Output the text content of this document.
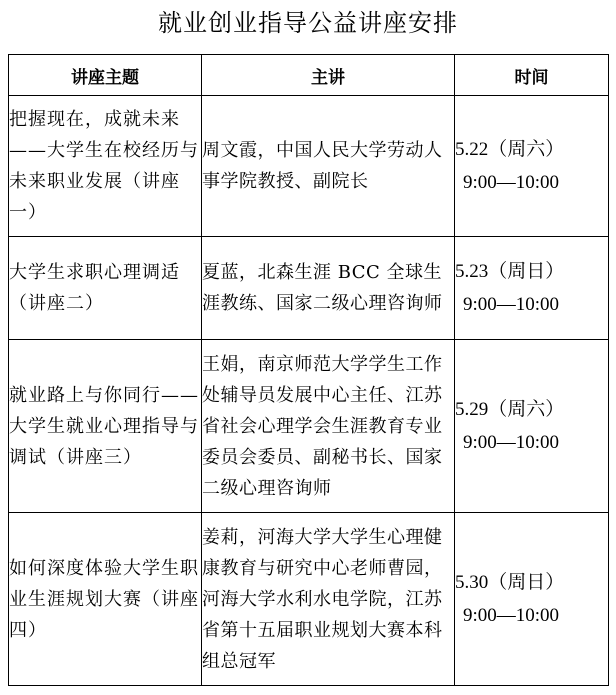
就业创业指导公益讲座安排
讲座主题	主讲	时间
把握现在，成就未来——大学生在校经历与未来职业发展（讲座一）	周文霞，中国人民大学劳动人事学院教授、副院长	5.22（周六）
9:00—10:00

大学生求职心理调适（讲座二）	夏蓝，北森生涯 BCC 全球生涯教练、国家二级心理咨询师	5.23（周日）
9:00—10:00

就业路上与你同行——大学生就业心理指导与调试（讲座三）	王娟，南京师范大学学生工作处辅导员发展中心主任、江苏省社会心理学会生涯教育专业委员会委员、副秘书长、国家二级心理咨询师	5.29（周六）
9:00—10:00

如何深度体验大学生职业生涯规划大赛（讲座四）	姜莉，河海大学大学生心理健康教育与研究中心老师曹园，河海大学水利水电学院，江苏省第十五届职业规划大赛本科组总冠军	5.30（周日）
9:00—10:00
